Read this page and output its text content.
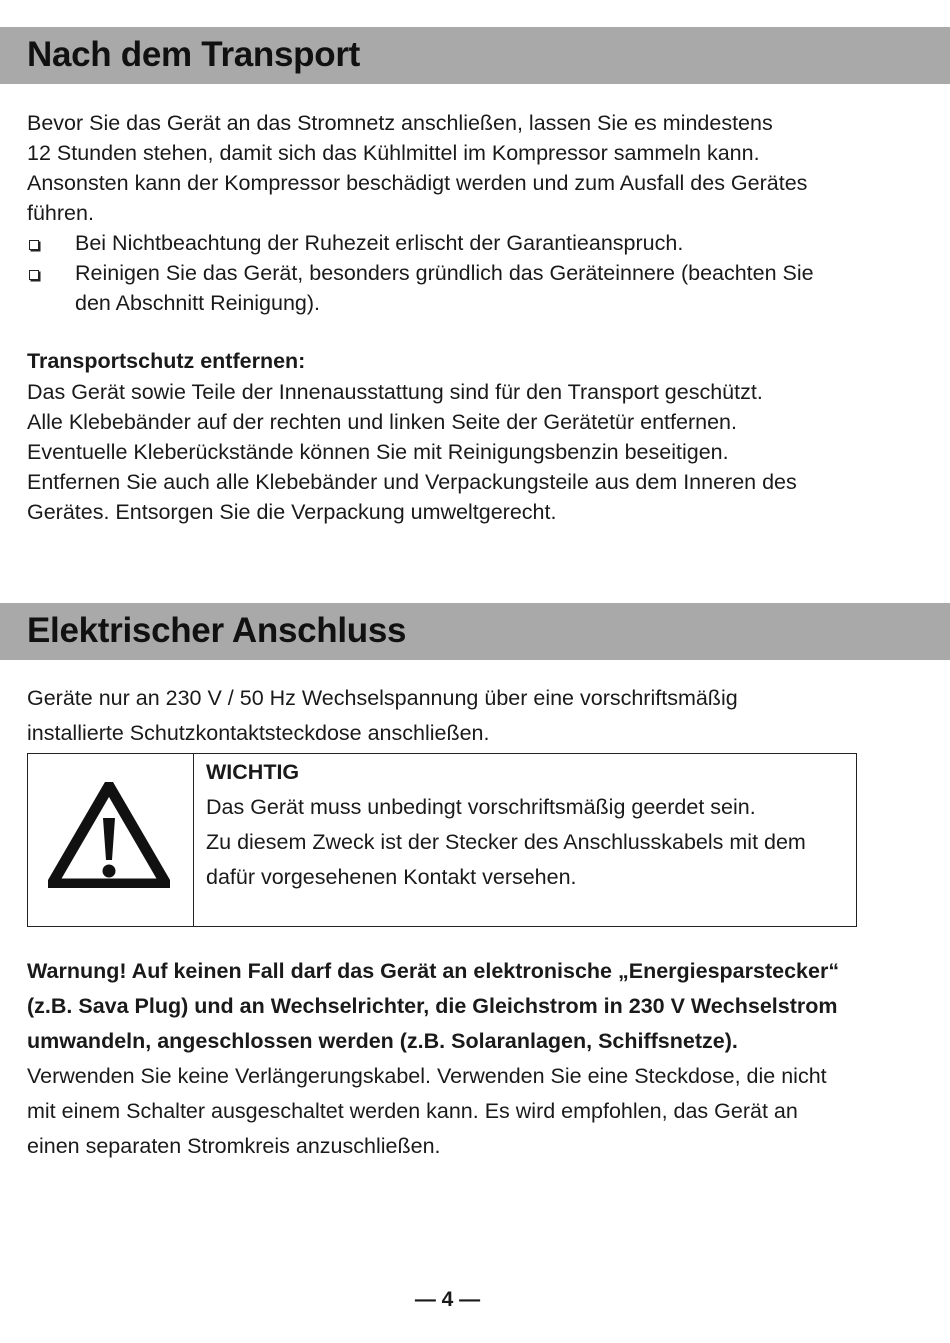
Nach dem Transport

Bevor Sie das Gerät an das Stromnetz anschließen, lassen Sie es mindestens
12 Stunden stehen, damit sich das Kühlmittel im Kompressor sammeln kann.
Ansonsten kann der Kompressor beschädigt werden und zum Ausfall des Gerätes
führen.

Bei Nichtbeachtung der Ruhezeit erlischt der Garantieanspruch.
Reinigen Sie das Gerät, besonders gründlich das Geräteinnere (beachten Sie
den Abschnitt Reinigung).

Transportschutz entfernen:

Das Gerät sowie Teile der Innenausstattung sind für den Transport geschützt.
Alle Klebebänder auf der rechten und linken Seite der Gerätetür entfernen.
Eventuelle Kleberückstände können Sie mit Reinigungsbenzin beseitigen.
Entfernen Sie auch alle Klebebänder und Verpackungsteile aus dem Inneren des
Gerätes. Entsorgen Sie die Verpackung umweltgerecht.

Elektrischer Anschluss

Geräte nur an 230 V / 50 Hz Wechselspannung über eine vorschriftsmäßig
installierte Schutzkontaktsteckdose anschließen.

WICHTIG
Das Gerät muss unbedingt vorschriftsmäßig geerdet sein.
Zu diesem Zweck ist der Stecker des Anschlusskabels mit dem
dafür vorgesehenen Kontakt versehen.

Warnung! Auf keinen Fall darf das Gerät an elektronische „Energiesparstecker“
(z.B. Sava Plug) und an Wechselrichter, die Gleichstrom in 230 V Wechselstrom
umwandeln, angeschlossen werden (z.B. Solaranlagen, Schiffsnetze).

Verwenden Sie keine Verlängerungskabel. Verwenden Sie eine Steckdose, die nicht
mit einem Schalter ausgeschaltet werden kann. Es wird empfohlen, das Gerät an
einen separaten Stromkreis anzuschließen.

— 4 —
